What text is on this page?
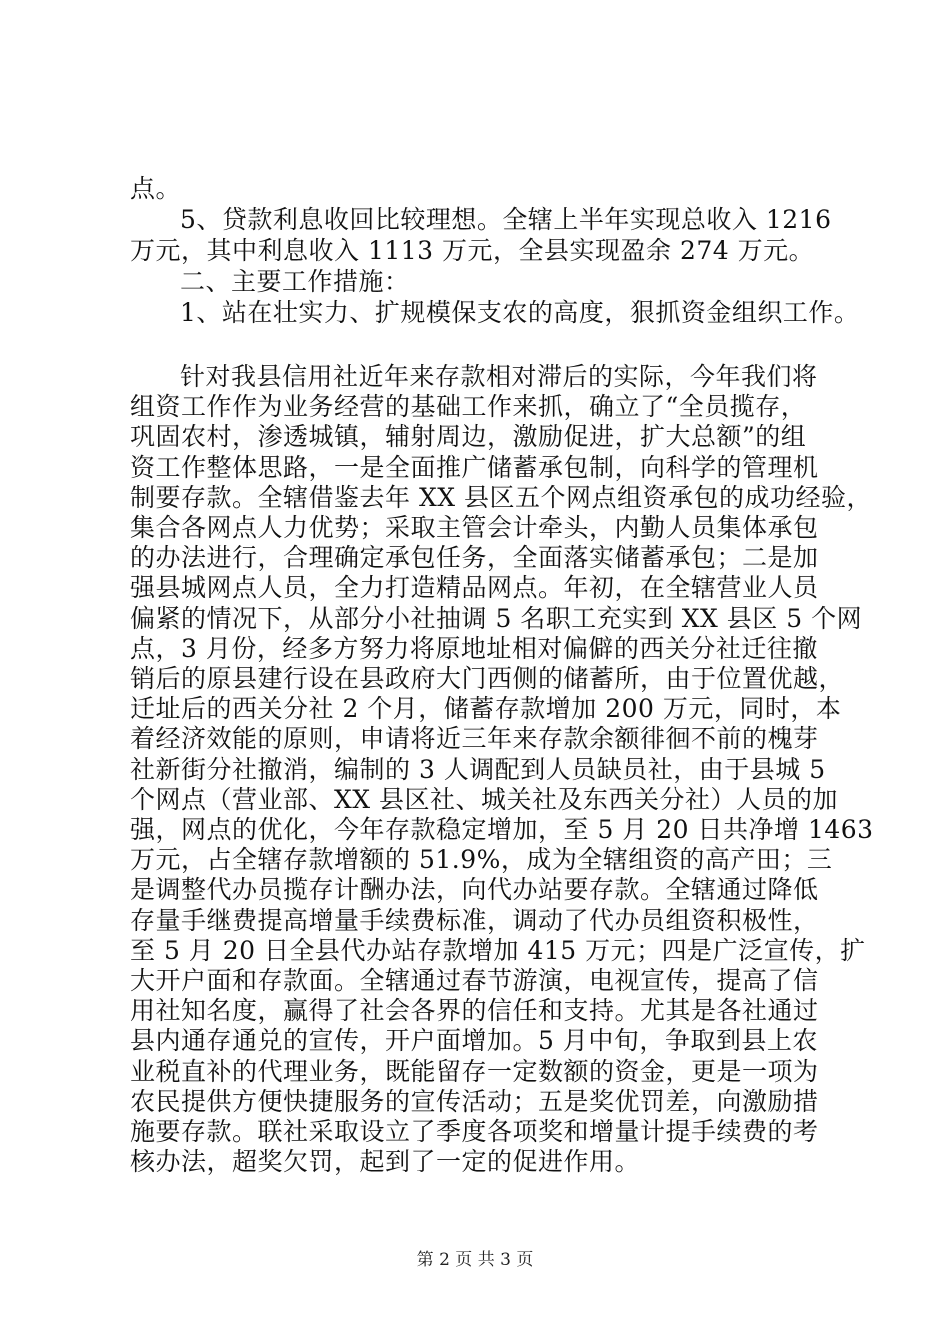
点。
5、贷款利息收回比较理想。全辖上半年实现总收入 1216
万元，其中利息收入 1113 万元，全县实现盈余 274 万元。
二、主要工作措施：
1、站在壮实力、扩规模保支农的高度，狠抓资金组织工作。
第 2 页 共 3 页
针对我县信用社近年来存款相对滞后的实际，今年我们将
组资工作作为业务经营的基础工作来抓，确立了“全员揽存，
巩固农村，渗透城镇，辅射周边，激励促进，扩大总额”的组
资工作整体思路，一是全面推广储蓄承包制，向科学的管理机
制要存款。全辖借鉴去年 XX 县区五个网点组资承包的成功经验，
集合各网点人力优势；采取主管会计牵头，内勤人员集体承包
的办法进行，合理确定承包任务，全面落实储蓄承包；二是加
强县城网点人员，全力打造精品网点。年初，在全辖营业人员
偏紧的情况下，从部分小社抽调 5 名职工充实到 XX 县区 5 个网
点，3 月份，经多方努力将原地址相对偏僻的西关分社迁往撤
销后的原县建行设在县政府大门西侧的储蓄所，由于位置优越，
迁址后的西关分社 2 个月，储蓄存款增加 200 万元，同时，本
着经济效能的原则，申请将近三年来存款余额徘徊不前的槐芽
社新街分社撤消，编制的 3 人调配到人员缺员社，由于县城 5
个网点（营业部、XX 县区社、城关社及东西关分社）人员的加
强，网点的优化，今年存款稳定增加，至 5 月 20 日共净增 1463
万元，占全辖存款增额的 51.9%，成为全辖组资的高产田；三
是调整代办员揽存计酬办法，向代办站要存款。全辖通过降低
存量手继费提高增量手续费标准，调动了代办员组资积极性，
至 5 月 20 日全县代办站存款增加 415 万元；四是广泛宣传，扩
大开户面和存款面。全辖通过春节游演，电视宣传，提高了信
用社知名度，赢得了社会各界的信任和支持。尤其是各社通过
县内通存通兑的宣传，开户面增加。5 月中旬，争取到县上农
业税直补的代理业务，既能留存一定数额的资金，更是一项为
农民提供方便快捷服务的宣传活动；五是奖优罚差，向激励措
施要存款。联社采取设立了季度各项奖和增量计提手续费的考
核办法，超奖欠罚，起到了一定的促进作用。
